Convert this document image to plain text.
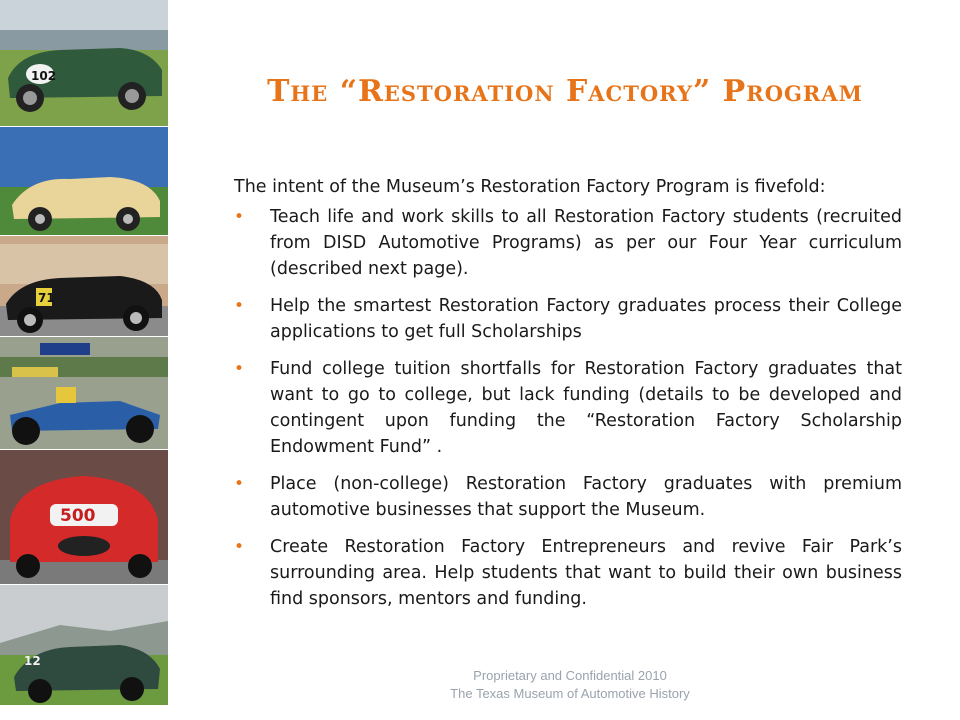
102
71
500
12
The “Restoration Factory” Program

The intent of the Museum’s Restoration Factory Program is fivefold:

• Teach life and work skills to all Restoration Factory students (recruited from DISD Automotive Programs) as per our Four Year curriculum (described next page).
• Help the smartest Restoration Factory graduates process their College applications to get full Scholarships
• Fund college tuition shortfalls for Restoration Factory graduates that want to go to college, but lack funding (details to be developed and contingent upon funding the “Restoration Factory Scholarship Endowment Fund” .
• Place (non-college) Restoration Factory graduates with premium automotive businesses that support the Museum.
• Create Restoration Factory Entrepreneurs and revive Fair Park’s surrounding area. Help students that want to build their own business find sponsors, mentors and funding.
Proprietary and Confidential 2010
The Texas Museum of Automotive History
